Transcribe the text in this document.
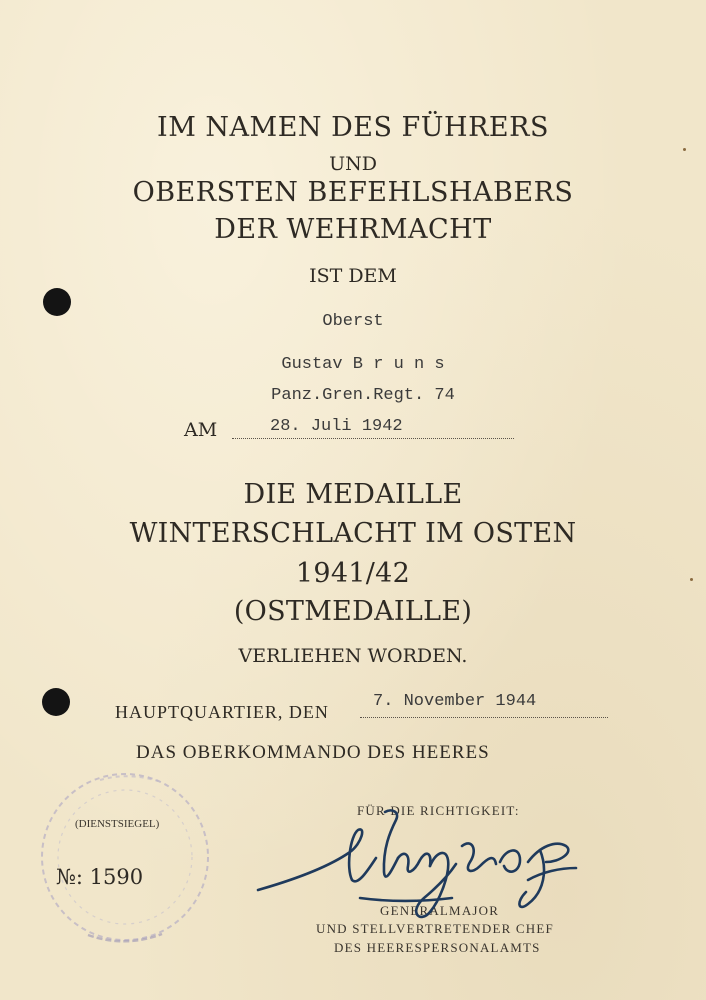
IM NAMEN DES FÜHRERS
UND
OBERSTEN BEFEHLSHABERS
DER WEHRMACHT
IST DEM
Oberst
Gustav B r u n s
Panz.Gren.Regt. 74
AM	28. Juli 1942
DIE MEDAILLE
WINTERSCHLACHT IM OSTEN
1941/42
(OSTMEDAILLE)
VERLIEHEN WORDEN.
HAUPTQUARTIER, DEN
7. November 1944
DAS OBERKOMMANDO DES HEERES
FÜR DIE RICHTIGKEIT:
GENERALMAJOR
UND STELLVERTRETENDER CHEF
DES HEERESPERSONALAMTS
(DIENSTSIEGEL)
№: 1590
